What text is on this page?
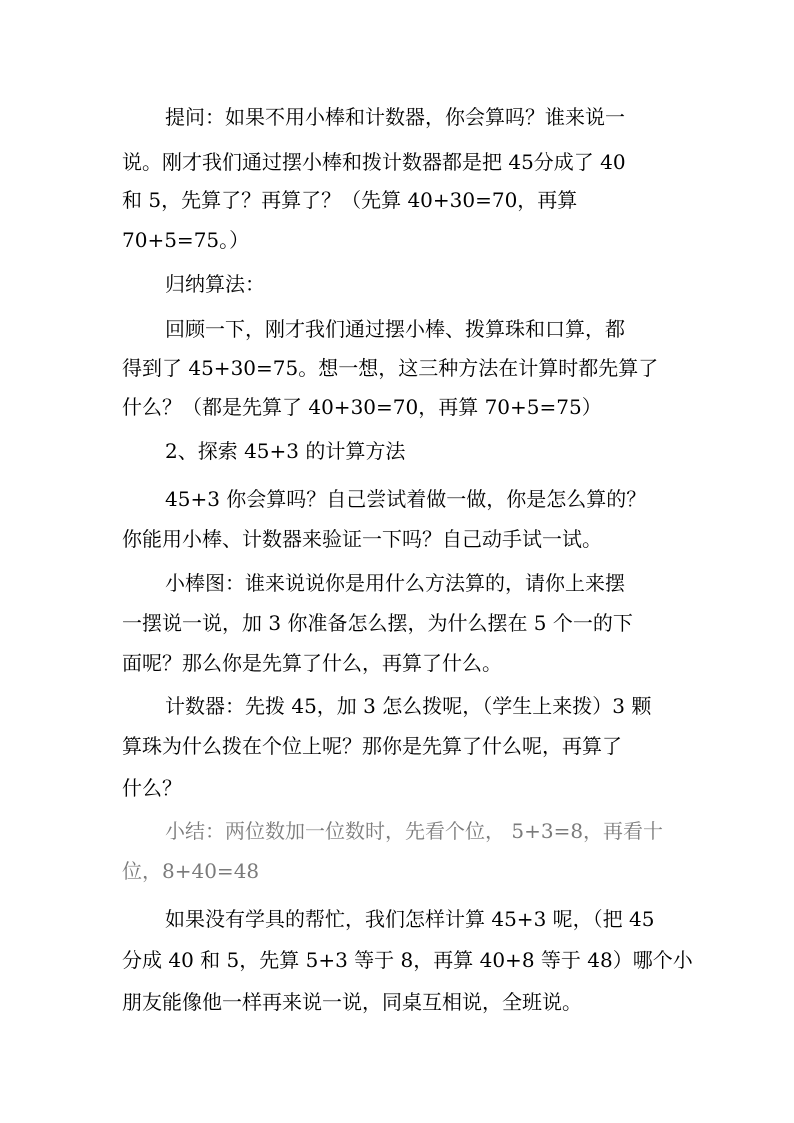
提问：如果不用小棒和计数器，你会算吗？谁来说一
说。刚才我们通过摆小棒和拨计数器都是把 45分成了 40
和 5，先算了？再算了？（先算 40+30=70，再算
70+5=75。）
归纳算法：
回顾一下，刚才我们通过摆小棒、拨算珠和口算，都
得到了 45+30=75。想一想，这三种方法在计算时都先算了
什么？（都是先算了 40+30=70，再算 70+5=75）
2、探索 45+3 的计算方法
45+3 你会算吗？自己尝试着做一做，你是怎么算的？
你能用小棒、计数器来验证一下吗？自己动手试一试。
小棒图：谁来说说你是用什么方法算的，请你上来摆
一摆说一说，加 3 你准备怎么摆，为什么摆在 5 个一的下
面呢？那么你是先算了什么，再算了什么。
计数器：先拨 45，加 3 怎么拨呢，（学生上来拨）3 颗
算珠为什么拨在个位上呢？那你是先算了什么呢，再算了
什么？
小结：两位数加一位数时，先看个位， 5+3=8，再看十
位，8+40=48
如果没有学具的帮忙，我们怎样计算 45+3 呢，（把 45
分成 40 和 5，先算 5+3 等于 8，再算 40+8 等于 48）哪个小
朋友能像他一样再来说一说，同桌互相说，全班说。
